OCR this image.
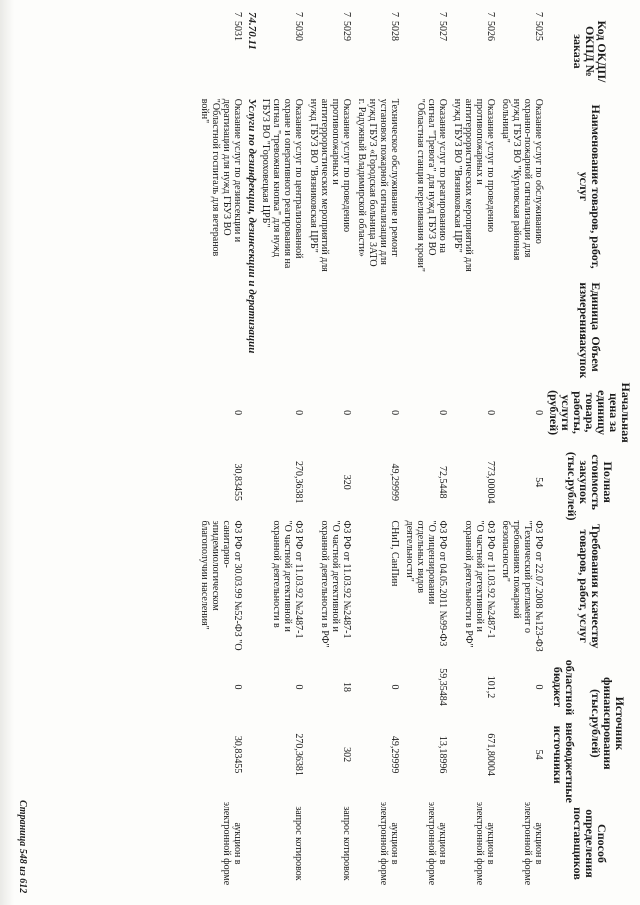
Код ОКДП/ ОКПД № заказа	Наименование товаров, работ, услуг	Единица измерения	Объем закупок	Начальная цена за единицу товара, работы, услуги (рублей)	Полная стоимость закупок (тыс.рублей)	Требования к качеству товаров, работ, услуг	Источник финансирования (тыс.рублей)		Способ определения поставщиков
							областной бюджет	внебюджетные источники	
75025	Оказание услуг по обслуживанию охранно-пожарной сигнализации для нужд ГБУЗ ВО "Курловская районная больница"			0	54	ФЗ РФ от 22.07.2008 №123-ФЗ "Технический регламент о требованиях пожарной безопасности"	0	54	аукцион в электронной форме
75026	Оказание услуг по проведению противопожарных и антитеррористических мероприятий для нужд ГБУЗ ВО "Вязниковская ЦРБ"			0	773,00004	ФЗ РФ от 11.03.92 №2487-1 "О частной детективной и охранной деятельности в РФ"	101,2	671,80004	аукцион в электронной форме
75027	Оказание услуг по реагированию на сигнал "Тревога" для нужд ГБУЗ ВО "Областная станция переливания крови"			0	72,5448	ФЗ РФ от 04.05.2011 №99-ФЗ "О лицензировании отдельных видов деятельности"	59,35484	13,18996	аукцион в электронной форме
75028	Техническое обслуживание и ремонт установок пожарной сигнализации для нужд ГБУЗ «Городская больница ЗАТО г. Радужный Владимирской области»			0	49,29999	СНиП, СанПин	0	49,29999	аукцион в электронной форме
75029	Оказание услуг по проведению противопожарных и антитеррористических мероприятий для нужд ГБУЗ ВО "Вязниковская ЦРБ"			0	320	ФЗ РФ от 11.03.92 №2487-1 "О частной детективной и охранной деятельности в РФ"	18	302	запрос котировок
75030	Оказание услуг по централизованной охране и оперативного реагирования на сигнал "тревожная кнопка" для нужд ГБУЗ ВО "Гороховецкая ЦРБ"			0	270,36381	ФЗ РФ от 11.03.92 №2487-1 "О частной детективной и охранной деятельности в	0	270,36381	запрос котировок
74.70.11	Услуги по дезинфекции, дезинсекции и дератизации								
75031	Оказание услуг по дезинсекции и дератизации для нужд ГБУЗ ВО "Областной госпиталь для ветеранов войн"			0	30,83455	ФЗ РФ от 30.03.99 №52-ФЗ "О санитарно-эпидемиологическом благополучии населения"	0	30,83455	аукцион в электронной форме
Страница 548 из 612
